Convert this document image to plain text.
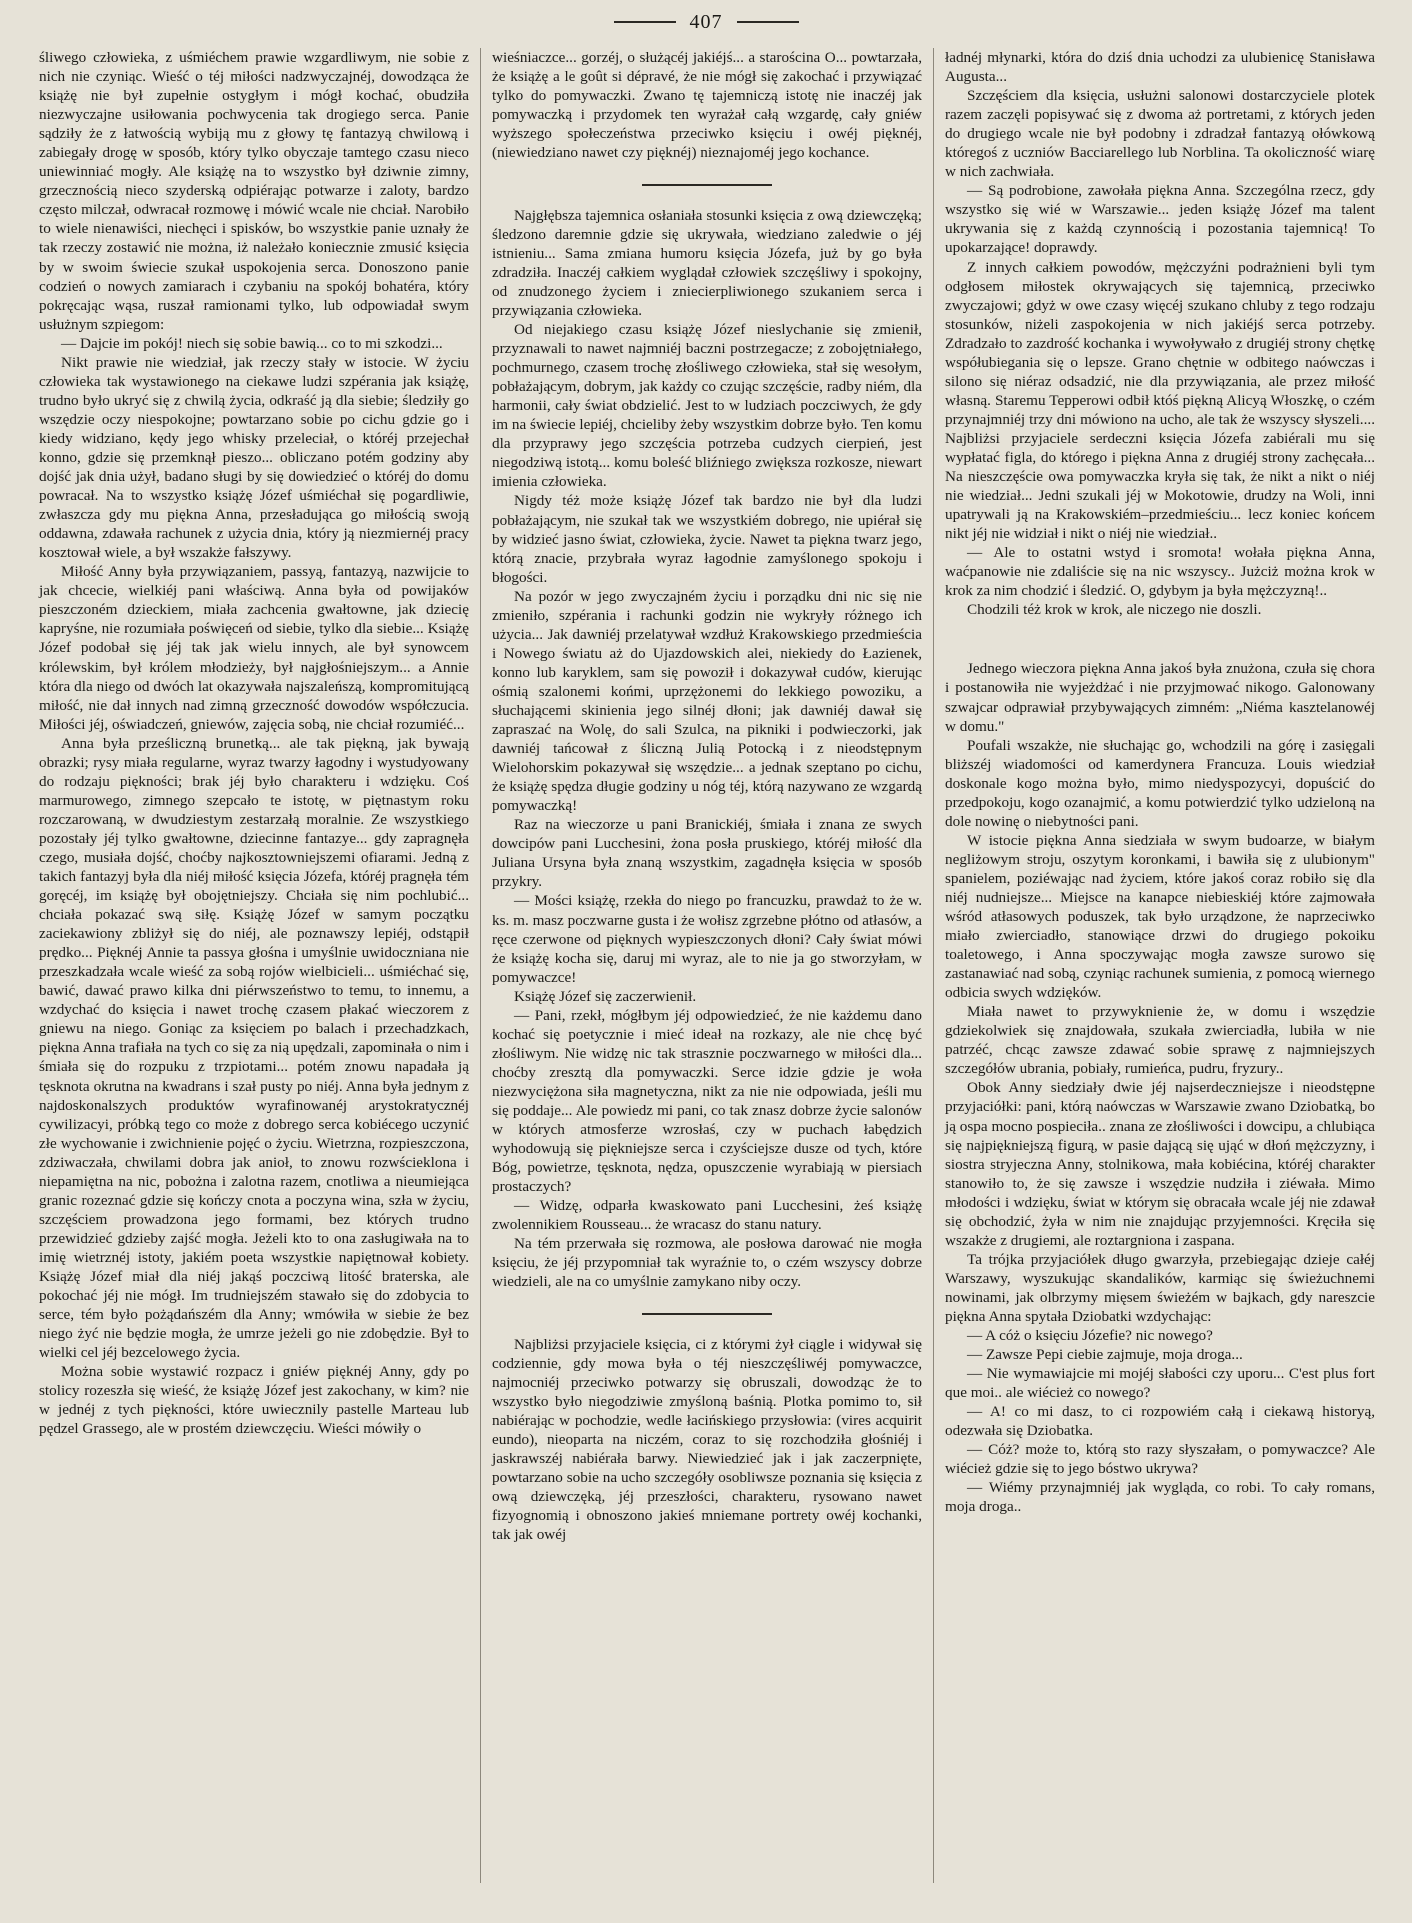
407

śliwego człowieka, z uśmiéchem prawie wzgardliwym, nie sobie z nich nie czyniąc. Wieść o téj miłości nadzwyczajnéj, dowodząca że książę nie był zupełnie ostygłym i mógł kochać, obudziła niezwyczajne usiłowania pochwycenia tak drogiego serca. Panie sądziły że z łatwością wybiją mu z głowy tę fantazyą chwilową i zabiegały drogę w sposób, który tylko obyczaje tamtego czasu nieco uniewinniać mogły. Ale książę na to wszystko był dziwnie zimny, grzecznością nieco szyderską odpiérając potwarze i zaloty, bardzo często milczał, odwracał rozmowę i mówić wcale nie chciał. Narobiło to wiele nienawiści, niechęci i spisków, bo wszystkie panie uznały że tak rzeczy zostawić nie można, iż należało koniecznie zmusić księcia by w swoim świecie szukał uspokojenia serca. Donoszono panie codzień o nowych zamiarach i czybaniu na spokój bohatéra, który pokręcając wąsa, ruszał ramionami tylko, lub odpowiadał swym usłużnym szpiegom:

— Dajcie im pokój! niech się sobie bawią... co to mi szkodzi...

Nikt prawie nie wiedział, jak rzeczy stały w istocie. W życiu człowieka tak wystawionego na ciekawe ludzi szpérania jak książę, trudno było ukryć się z chwilą życia, odkraść ją dla siebie; śledziły go wszędzie oczy niespokojne; powtarzano sobie po cichu gdzie go i kiedy widziano, kędy jego whisky przeleciał, o któréj przejechał konno, gdzie się przemknął pieszo... obliczano potém godziny aby dojść jak dnia użył, badano sługi by się dowiedzieć o któréj do domu powracał. Na to wszystko książę Józef uśmiéchał się pogardliwie, zwłaszcza gdy mu piękna Anna, przesładująca go miłością swoją oddawna, zdawała rachunek z użycia dnia, który ją niezmiernéj pracy kosztował wiele, a był wszakże fałszywy.

Miłość Anny była przywiązaniem, passyą, fantazyą, nazwijcie to jak chcecie, wielkiéj pani właściwą. Anna była od powijaków pieszczoném dzieckiem, miała zachcenia gwałtowne, jak dziecię kapryśne, nie rozumiała poświęceń od siebie, tylko dla siebie... Książę Józef podobał się jéj tak jak wielu innych, ale był synowcem królewskim, był królem młodzieży, był najgłośniejszym... a Annie która dla niego od dwóch lat okazywała najszaleńszą, kompromitującą miłość, nie dał innych nad zimną grzeczność dowodów współczucia. Miłości jéj, oświadczeń, gniewów, zajęcia sobą, nie chciał rozumiéć...

Anna była prześliczną brunetką... ale tak piękną, jak bywają obrazki; rysy miała regularne, wyraz twarzy łagodny i wystudyowany do rodzaju piękności; brak jéj było charakteru i wdzięku. Coś marmurowego, zimnego szepcało te istotę, w piętnastym roku rozczarowaną, w dwudziestym zestarzałą moralnie. Ze wszystkiego pozostały jéj tylko gwałtowne, dziecinne fantazye... gdy zapragnęła czego, musiała dojść, choćby najkosztowniejszemi ofiarami. Jedną z takich fantazyj była dla niéj miłość księcia Józefa, któréj pragnęła tém goręcéj, im książę był obojętniejszy. Chciała się nim pochlubić... chciała pokazać swą siłę. Książę Józef w samym początku zaciekawiony zbliżył się do niéj, ale poznawszy lepiéj, odstąpił prędko... Pięknéj Annie ta passya głośna i umyślnie uwidoczniana nie przeszkadzała wcale wieść za sobą rojów wielbicieli... uśmiéchać się, bawić, dawać prawo kilka dni piérwszeństwo to temu, to innemu, a wzdychać do księcia i nawet trochę czasem płakać wieczorem z gniewu na niego. Goniąc za księciem po balach i przechadzkach, piękna Anna trafiała na tych co się za nią upędzali, zapominała o nim i śmiała się do rozpuku z trzpiotami... potém znowu napadała ją tęsknota okrutna na kwadrans i szał pusty po niéj. Anna była jednym z najdoskonalszych produktów wyrafinowanéj arystokratycznéj cywilizacyi, próbką tego co może z dobrego serca kobiécego uczynić złe wychowanie i zwichnienie pojęć o życiu. Wietrzna, rozpieszczona, zdziwaczała, chwilami dobra jak anioł, to znowu rozwścieklona i niepamiętna na nic, pobożna i zalotna razem, cnotliwa a nieumiejąca granic rozeznać gdzie się kończy cnota a poczyna wina, szła w życiu, szczęściem prowadzona jego formami, bez których trudno przewidzieć gdzieby zajść mogła. Jeżeli kto to ona zasługiwała na to imię wietrznéj istoty, jakiém poeta wszystkie napiętnował kobiety. Książę Józef miał dla niéj jakąś poczciwą litość braterska, ale pokochać jéj nie mógł. Im trudniejszém stawało się do zdobycia to serce, tém było pożądańszém dla Anny; wmówiła w siebie że bez niego żyć nie będzie mogła, że umrze jeżeli go nie zdobędzie. Był to wielki cel jéj bezcelowego życia.

Można sobie wystawić rozpacz i gniéw pięknéj Anny, gdy po stolicy rozeszła się wieść, że książę Józef jest zakochany, w kim? nie w jednéj z tych piękności, które uwiecznily pastelle Marteau lub pędzel Grassego, ale w prostém dziewczęciu. Wieści mówiły o

wieśniaczce... gorzéj, o służącéj jakiéjś... a starościna O... powtarzała, że książę a le goût si dépravé, że nie mógł się zakochać i przywiązać tylko do pomywaczki. Zwano tę tajemniczą istotę nie inaczéj jak pomywaczką i przydomek ten wyrażał całą wzgardę, cały gniéw wyższego społeczeństwa przeciwko księciu i owéj pięknéj, (niewiedziano nawet czy pięknéj) nieznajoméj jego kochance.

Najgłębsza tajemnica osłaniała stosunki księcia z ową dziewczęką; śledzono daremnie gdzie się ukrywała, wiedziano zaledwie o jéj istnieniu... Sama zmiana humoru księcia Józefa, już by go była zdradziła. Inaczéj całkiem wyglądał człowiek szczęśliwy i spokojny, od znudzonego życiem i zniecierpliwionego szukaniem serca i przywiązania człowieka.

Od niejakiego czasu książę Józef nieslychanie się zmienił, przyznawali to nawet najmniéj baczni postrzegacze; z zobojętniałego, pochmurnego, czasem trochę złośliwego człowieka, stał się wesołym, pobłażającym, dobrym, jak każdy co czując szczęście, radby niém, dla harmonii, cały świat obdzielić. Jest to w ludziach poczciwych, że gdy im na świecie lepiéj, chcieliby żeby wszystkim dobrze było. Ten komu dla przyprawy jego szczęścia potrzeba cudzych cierpień, jest niegodziwą istotą... komu boleść bliźniego zwiększa rozkosze, niewart imienia człowieka.

Nigdy téż może książę Józef tak bardzo nie był dla ludzi pobłażającym, nie szukał tak we wszystkiém dobrego, nie upiérał się by widzieć jasno świat, człowieka, życie. Nawet ta piękna twarz jego, którą znacie, przybrała wyraz łagodnie zamyślonego spokoju i błogości.

Na pozór w jego zwyczajném życiu i porządku dni nic się nie zmieniło, szpérania i rachunki godzin nie wykryły różnego ich użycia... Jak dawniéj przelatywał wzdłuż Krakowskiego przedmieścia i Nowego światu aż do Ujazdowskich alei, niekiedy do Łazienek, konno lub karyklem, sam się powoził i dokazywał cudów, kierując ośmią szalonemi końmi, uprzężonemi do lekkiego powoziku, a słuchającemi skinienia jego silnéj dłoni; jak dawniéj dawał się zapraszać na Wolę, do sali Szulca, na pikniki i podwieczorki, jak dawniéj tańcował z śliczną Julią Potocką i z nieodstępnym Wielohorskim pokazywał się wszędzie... a jednak szeptano po cichu, że książę spędza długie godziny u nóg téj, którą nazywano ze wzgardą pomywaczką!

Raz na wieczorze u pani Branickiéj, śmiała i znana ze swych dowcipów pani Lucchesini, żona posła pruskiego, któréj miłość dla Juliana Ursyna była znaną wszystkim, zagadnęła księcia w sposób przykry.

— Mości książę, rzekła do niego po francuzku, prawdaż to że w. ks. m. masz poczwarne gusta i że wołisz zgrzebne płótno od atłasów, a ręce czerwone od pięknych wypieszczonych dłoni? Cały świat mówi że książę kocha się, daruj mi wyraz, ale to nie ja go stworzyłam, w pomywaczce!

Książę Józef się zaczerwienił.

— Pani, rzekł, mógłbym jéj odpowiedzieć, że nie każdemu dano kochać się poetycznie i mieć ideał na rozkazy, ale nie chcę być złośliwym. Nie widzę nic tak strasznie poczwarnego w miłości dla... choćby zresztą dla pomywaczki. Serce idzie gdzie je woła niezwyciężona siła magnetyczna, nikt za nie nie odpowiada, jeśli mu się poddaje... Ale powiedz mi pani, co tak znasz dobrze życie salonów w których atmosferze wzrosłaś, czy w puchach łabędzich wyhodowują się piękniejsze serca i czyściejsze dusze od tych, które Bóg, powietrze, tęsknota, nędza, opuszczenie wyrabiają w piersiach prostaczych?

— Widzę, odparła kwaskowato pani Lucchesini, żeś książę zwolennikiem Rousseau... że wracasz do stanu natury.

Na tém przerwała się rozmowa, ale posłowa darować nie mogła księciu, że jéj przypomniał tak wyraźnie to, o czém wszyscy dobrze wiedzieli, ale na co umyślnie zamykano niby oczy.

Najbliżsi przyjaciele księcia, ci z którymi żył ciągle i widywał się codziennie, gdy mowa była o téj nieszczęśliwéj pomywaczce, najmocniéj przeciwko potwarzy się obruszali, dowodząc że to wszystko było niegodziwie zmyśloną baśnią. Plotka pomimo to, sił nabiérając w pochodzie, wedle łacińskiego przysłowia: (vires acquirit eundo), nieoparta na niczém, coraz to się rozchodziła głośniéj i jaskrawszéj nabiérała barwy. Niewiedzieć jak i jak zaczerpnięte, powtarzano sobie na ucho szczegóły osobliwsze poznania się księcia z ową dziewczęką, jéj przeszłości, charakteru, rysowano nawet fizyognomią i obnoszono jakieś mniemane portrety owéj kochanki, tak jak owéj

ładnéj młynarki, która do dziś dnia uchodzi za ulubienicę Stanisława Augusta...

Szczęściem dla księcia, usłużni salonowi dostarczyciele plotek razem zaczęli popisywać się z dwoma aż portretami, z których jeden do drugiego wcale nie był podobny i zdradzał fantazyą ołówkową któregoś z uczniów Bacciarellego lub Norblina. Ta okoliczność wiarę w nich zachwiała.

— Są podrobione, zawołała piękna Anna. Szczególna rzecz, gdy wszystko się wié w Warszawie... jeden książę Józef ma talent ukrywania się z każdą czynnością i pozostania tajemnicą! To upokarzające! doprawdy.

Z innych całkiem powodów, mężczyźni podrażnieni byli tym odgłosem miłostek okrywających się tajemnicą, przeciwko zwyczajowi; gdyż w owe czasy więcéj szukano chluby z tego rodzaju stosunków, niżeli zaspokojenia w nich jakiéjś serca potrzeby. Zdradzało to zazdrość kochanka i wywoływało z drugiéj strony chętkę współubiegania się o lepsze. Grano chętnie w odbitego naówczas i silono się niéraz odsadzić, nie dla przywiązania, ale przez miłość własną. Staremu Tepperowi odbił któś piękną Alicyą Włoszkę, o czém przynajmniéj trzy dni mówiono na ucho, ale tak że wszyscy słyszeli.... Najbliżsi przyjaciele serdeczni księcia Józefa zabiérali mu się wypłatać figla, do którego i piękna Anna z drugiéj strony zachęcała... Na nieszczęście owa pomywaczka kryła się tak, że nikt a nikt o niéj nie wiedział... Jedni szukali jéj w Mokotowie, drudzy na Woli, inni upatrywali ją na Krakowskiém–przedmieściu... lecz koniec końcem nikt jéj nie widział i nikt o niéj nie wiedział..

— Ale to ostatni wstyd i sromota! wołała piękna Anna, waćpanowie nie zdaliście się na nic wszyscy.. Jużciż można krok w krok za nim chodzić i śledzić. O, gdybym ja była mężczyzną!..

Chodzili téż krok w krok, ale niczego nie doszli.

Jednego wieczora piękna Anna jakoś była znużona, czuła się chora i postanowiła nie wyjeżdżać i nie przyjmować nikogo. Galonowany szwajcar odprawiał przybywających zimném: „Niéma kasztelanowéj w domu."

Poufali wszakże, nie słuchając go, wchodzili na górę i zasięgali bliższéj wiadomości od kamerdynera Francuza. Louis wiedział doskonale kogo można było, mimo niedyspozycyi, dopuścić do przedpokoju, kogo ozanajmić, a komu potwierdzić tylko udzieloną na dole nowinę o niebytności pani.

W istocie piękna Anna siedziała w swym budoarze, w białym negliżowym stroju, oszytym koronkami, i bawiła się z ulubionym" spanielem, poziéwając nad życiem, które jakoś coraz robiło się dla niéj nudniejsze... Miejsce na kanapce niebieskiéj które zajmowała wśród atłasowych poduszek, tak było urządzone, że naprzeciwko miało zwierciadło, stanowiące drzwi do drugiego pokoiku toaletowego, i Anna spoczywając mogła zawsze surowo się zastanawiać nad sobą, czyniąc rachunek sumienia, z pomocą wiernego odbicia swych wdzięków.

Miała nawet to przywyknienie że, w domu i wszędzie gdziekolwiek się znajdowała, szukała zwierciadła, lubiła w nie patrzéć, chcąc zawsze zdawać sobie sprawę z najmniejszych szczegółów ubrania, pobiały, rumieńca, pudru, fryzury..

Obok Anny siedziały dwie jéj najserdeczniejsze i nieodstępne przyjaciółki: pani, którą naówczas w Warszawie zwano Dziobatką, bo ją ospa mocno pospieciła.. znana ze złośliwości i dowcipu, a chlubiąca się najpiękniejszą figurą, w pasie dającą się ująć w dłoń mężczyzny, i siostra stryjeczna Anny, stolnikowa, mała kobiécina, któréj charakter stanowiło to, że się zawsze i wszędzie nudziła i ziéwała. Mimo młodości i wdzięku, świat w którym się obracała wcale jéj nie zdawał się obchodzić, żyła w nim nie znajdując przyjemności. Kręciła się wszakże z drugiemi, ale roztargniona i zaspana.

Ta trójka przyjaciółek długo gwarzyła, przebiegając dzieje całéj Warszawy, wyszukując skandalików, karmiąc się świeżuchnemi nowinami, jak olbrzymy mięsem świeżém w bajkach, gdy nareszcie piękna Anna spytała Dziobatki wzdychając:

— A cóż o księciu Józefie? nic nowego?

— Zawsze Pepi ciebie zajmuje, moja droga...

— Nie wymawiajcie mi mojéj słabości czy uporu... C'est plus fort que moi.. ale wiécież co nowego?

— A! co mi dasz, to ci rozpowiém całą i ciekawą historyą, odezwała się Dziobatka.

— Cóż? może to, którą sto razy słyszałam, o pomywaczce? Ale wiécież gdzie się to jego bóstwo ukrywa?

— Wiémy przynajmniéj jak wygląda, co robi. To cały romans, moja droga..
